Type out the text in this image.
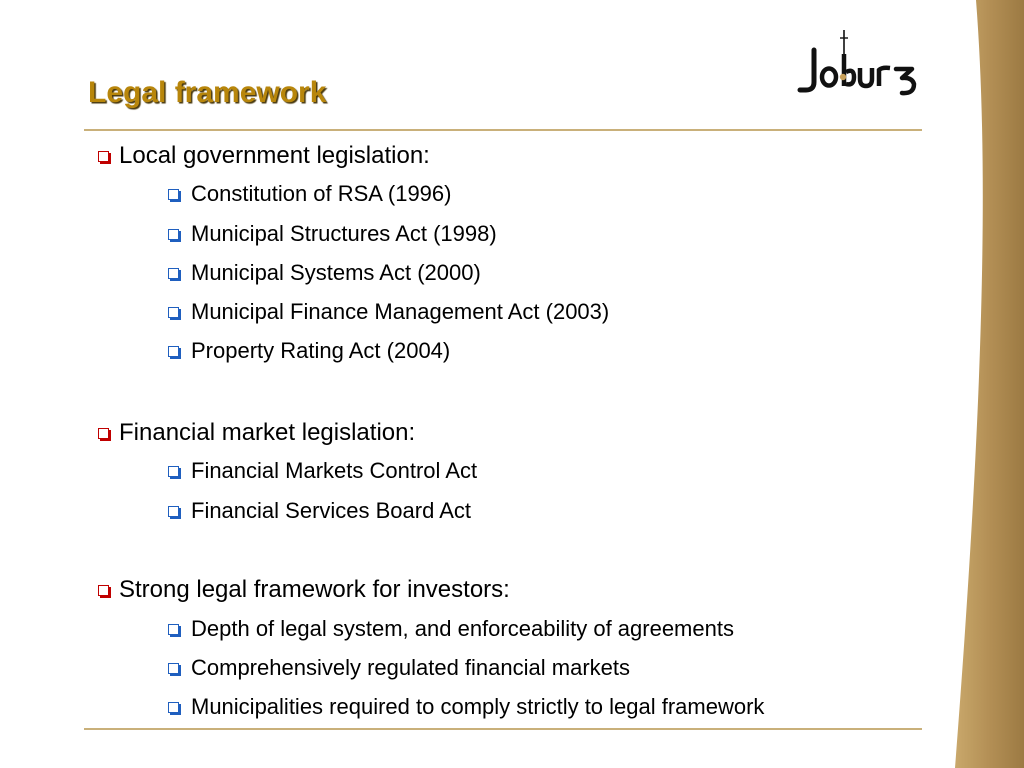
Legal framework
Local government legislation:
Constitution of RSA (1996)
Municipal Structures Act (1998)
Municipal Systems Act (2000)
Municipal Finance Management Act (2003)
Property Rating Act (2004)
Financial market legislation:
Financial Markets Control Act
Financial Services Board Act
Strong legal framework for investors:
Depth of legal system, and enforceability of agreements
Comprehensively regulated financial markets
Municipalities required to comply strictly to legal framework
